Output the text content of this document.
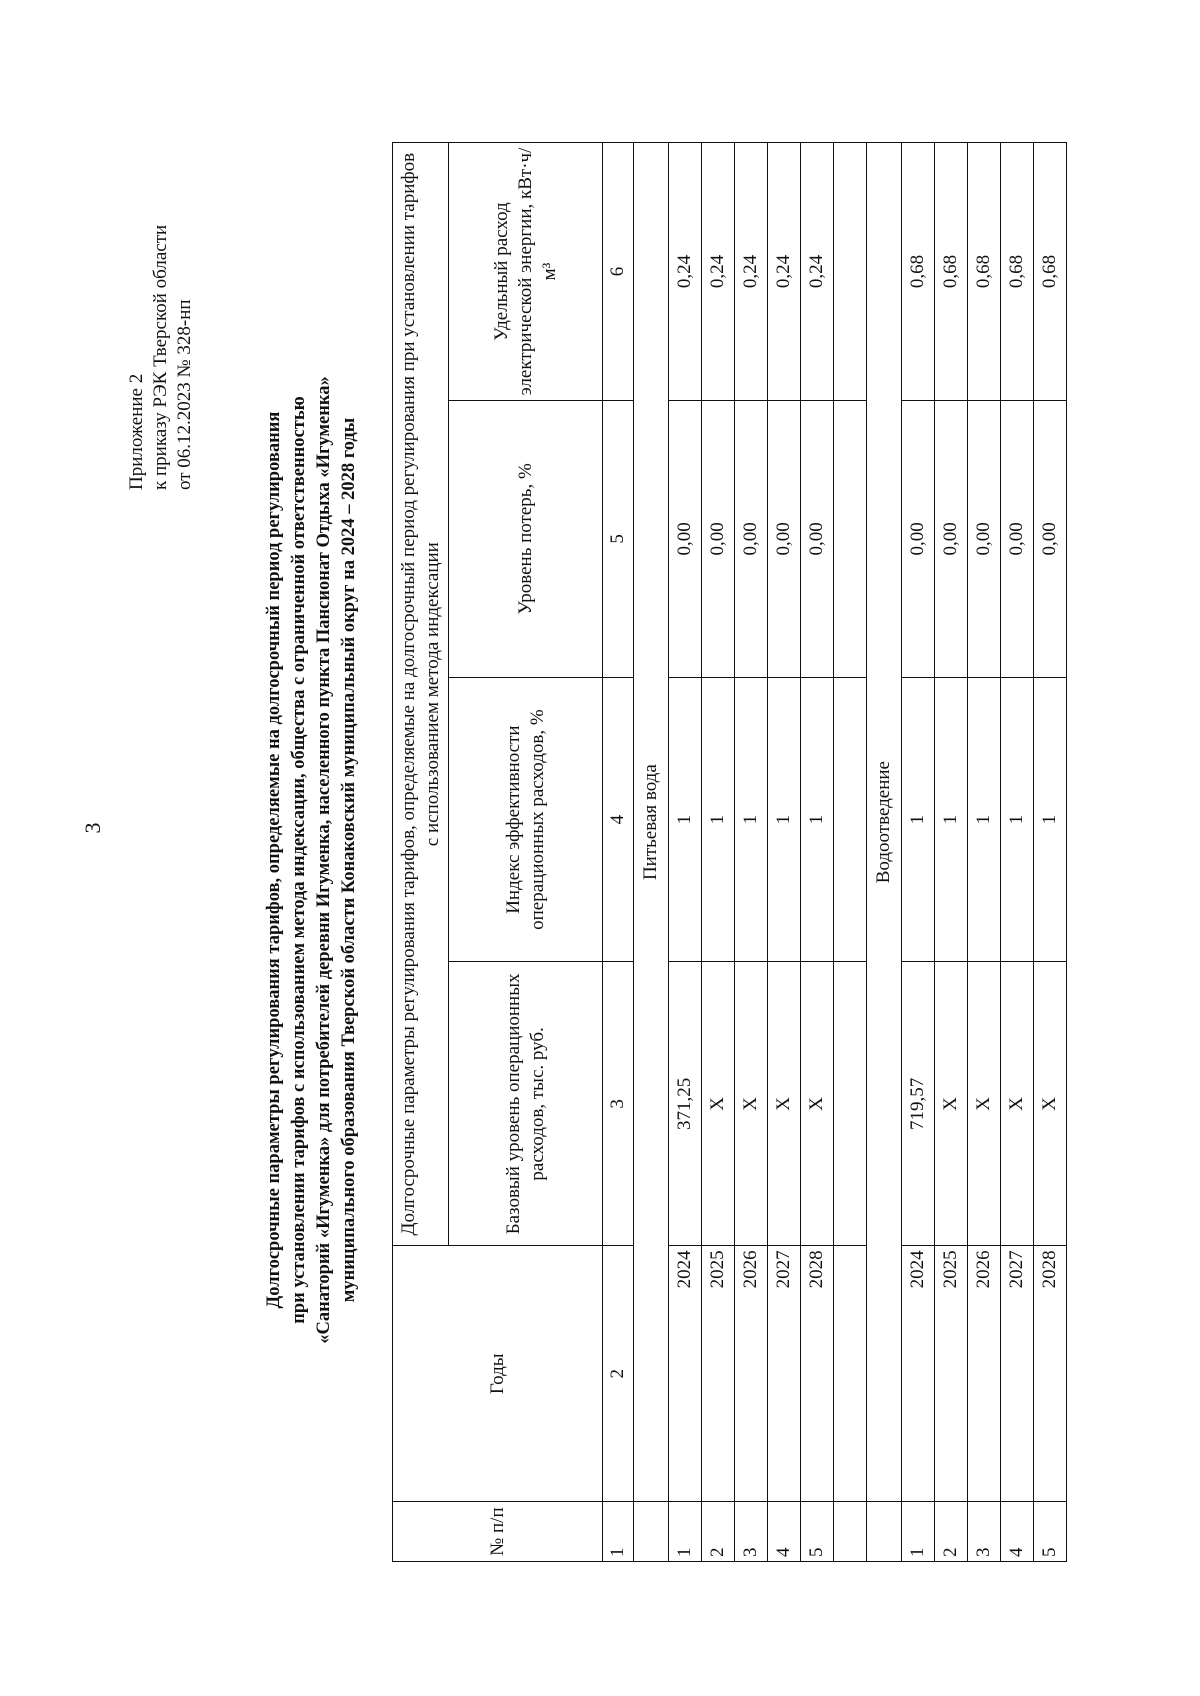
3
Приложение 2 к приказу РЭК Тверской области от 06.12.2023 № 328-нп
Долгосрочные параметры регулирования тарифов, определяемые на долгосрочный период регулирования при установлении тарифов с использованием метода индексации, общества с ограниченной ответственностью «Санаторий «Игуменка» для потребителей деревни Игуменка, населенного пункта Пансионат Отдыха «Игуменка» муниципального образования Тверской области Конаковский муниципальный округ на 2024 – 2028 годы
№ п/п	Годы	Долгосрочные параметры регулирования тарифов, определяемые на долгосрочный период регулирования при установлении тарифов с использованием метода индексации			
		Базовый уровень операционных расходов, тыс. руб.	Индекс эффективности операционных расходов, %	Уровень потерь, %	Удельный расход электрической энергии, кВт·ч/м³
1	2	3	4	5	6
	Питьевая вода				
1	2024	371,25	1	0,00	0,24
2	2025	X	1	0,00	0,24
3	2026	X	1	0,00	0,24
4	2027	X	1	0,00	0,24
5	2028	X	1	0,00	0,24

	Водоотведение				
1	2024	719,57	1	0,00	0,68
2	2025	X	1	0,00	0,68
3	2026	X	1	0,00	0,68
4	2027	X	1	0,00	0,68
5	2028	X	1	0,00	0,68
